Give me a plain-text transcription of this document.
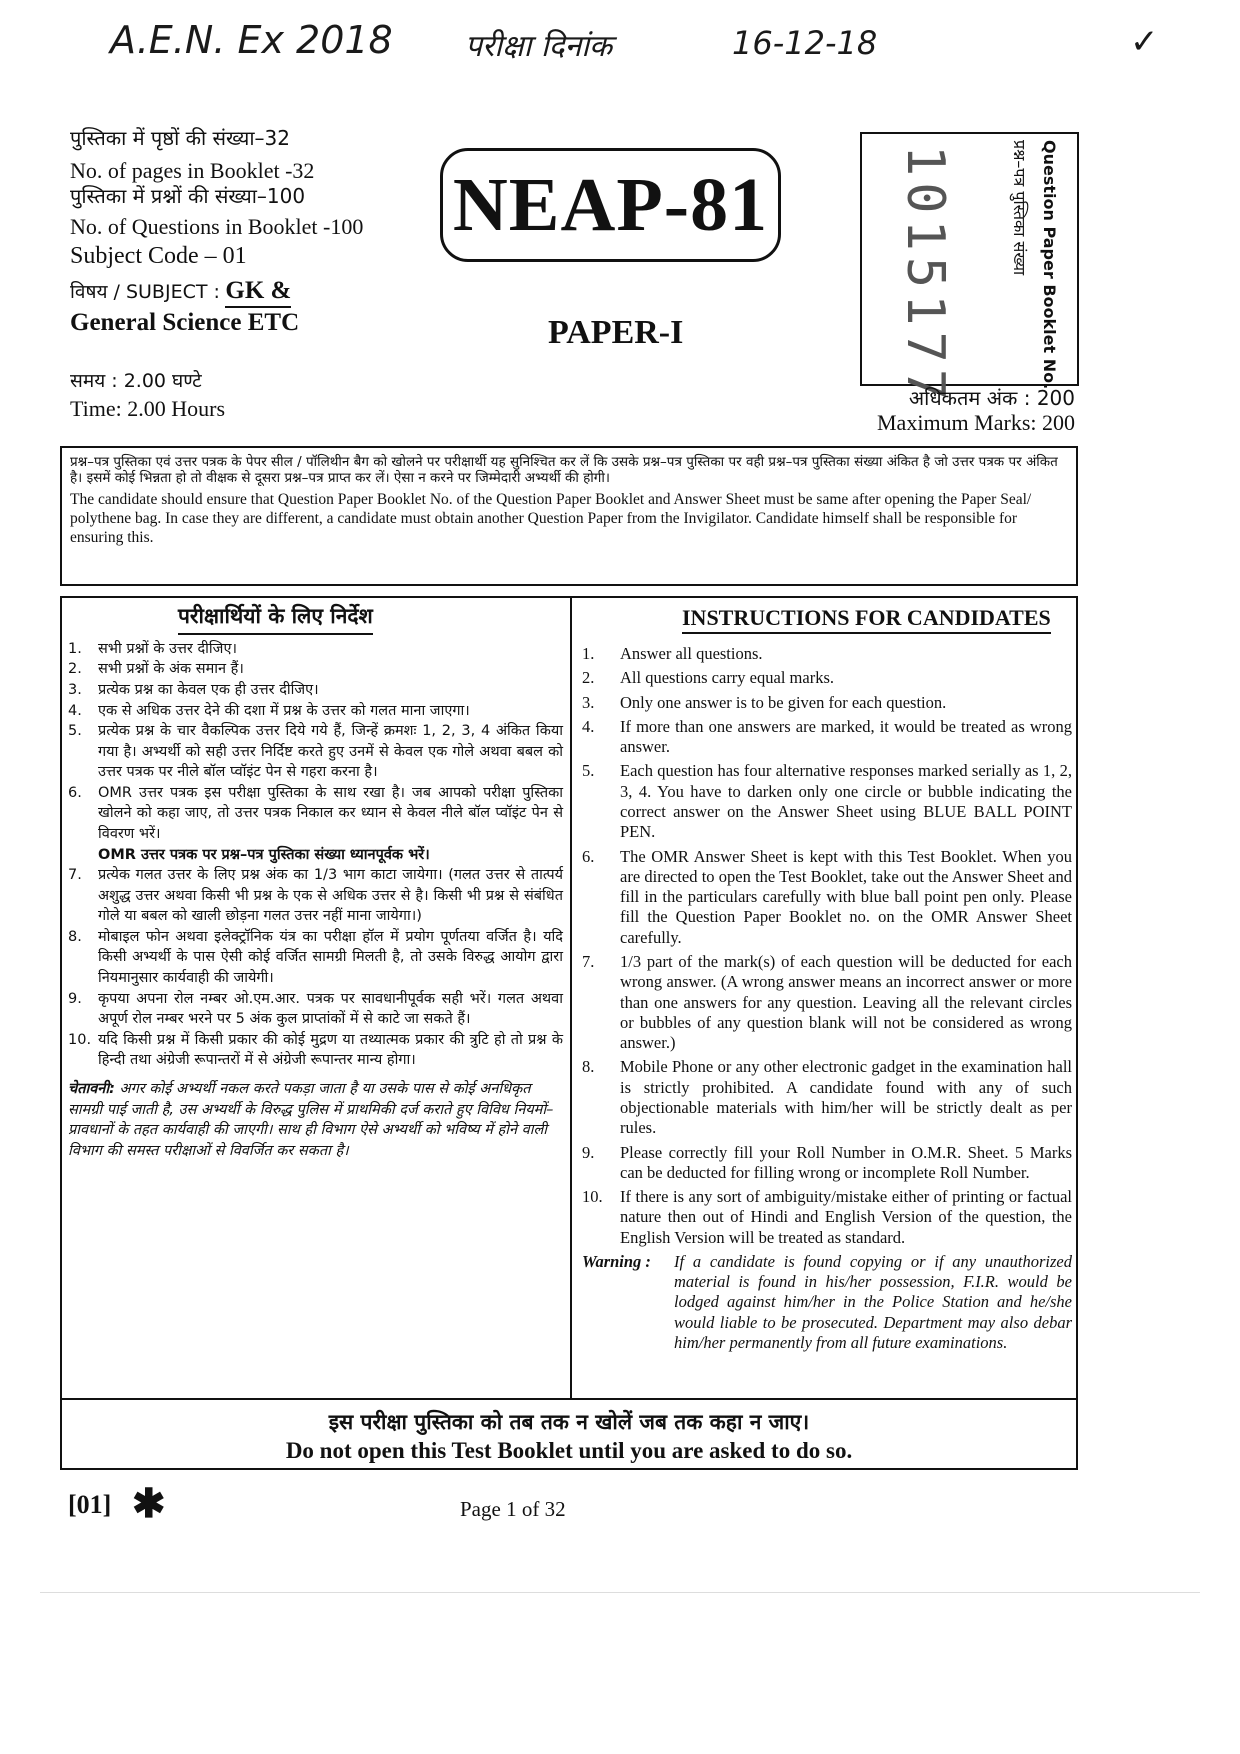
A.E.N. Ex 2018 परीक्षा दिनांक	16-12-18	✓
पुस्तिका में पृष्ठों की संख्या–32
No. of pages in Booklet -32
पुस्तिका में प्रश्नों की संख्या–100
No. of Questions in Booklet -100
Subject Code – 01
विषय / SUBJECT : GK &
General Science ETC
समय : 2.00 घण्टे
Time: 2.00 Hours
NEAP-81
PAPER-I	1015177	प्रश्न–पत्र पुस्तिका संख्या Question Paper Booklet No.
अधिकतम अंक : 200
Maximum Marks: 200

प्रश्न–पत्र पुस्तिका एवं उत्तर पत्रक के पेपर सील / पॉलिथीन बैग को खोलने पर परीक्षार्थी यह सुनिश्चित कर लें कि उसके प्रश्न–पत्र पुस्तिका पर वही प्रश्न–पत्र पुस्तिका संख्या अंकित है जो उत्तर पत्रक पर अंकित है। इसमें कोई भिन्नता हो तो वीक्षक से दूसरा प्रश्न–पत्र प्राप्त कर लें। ऐसा न करने पर जिम्मेदारी अभ्यर्थी की होगी।

The candidate should ensure that Question Paper Booklet No. of the Question Paper Booklet and Answer Sheet must be same after opening the Paper Seal/ polythene bag. In case they are different, a candidate must obtain another Question Paper from the Invigilator. Candidate himself shall be responsible for ensuring this.

परीक्षार्थियों के लिए निर्देश
1.	सभी प्रश्नों के उत्तर दीजिए।
2.	सभी प्रश्नों के अंक समान हैं।
3.	प्रत्येक प्रश्न का केवल एक ही उत्तर दीजिए।
4.	एक से अधिक उत्तर देने की दशा में प्रश्न के उत्तर को गलत माना जाएगा।
5.	प्रत्येक प्रश्न के चार वैकल्पिक उत्तर दिये गये हैं, जिन्हें क्रमशः 1, 2, 3, 4 अंकित किया गया है। अभ्यर्थी को सही उत्तर निर्दिष्ट करते हुए उनमें से केवल एक गोले अथवा बबल को उत्तर पत्रक पर नीले बॉल प्वॉइंट पेन से गहरा करना है।
6.	OMR उत्तर पत्रक इस परीक्षा पुस्तिका के साथ रखा है। जब आपको परीक्षा पुस्तिका खोलने को कहा जाए, तो उत्तर पत्रक निकाल कर ध्यान से केवल नीले बॉल प्वॉइंट पेन से विवरण भरें।
OMR उत्तर पत्रक पर प्रश्न–पत्र पुस्तिका संख्या ध्यानपूर्वक भरें।
7.	प्रत्येक गलत उत्तर के लिए प्रश्न अंक का 1/3 भाग काटा जायेगा। (गलत उत्तर से तात्पर्य अशुद्ध उत्तर अथवा किसी भी प्रश्न के एक से अधिक उत्तर से है। किसी भी प्रश्न से संबंधित गोले या बबल को खाली छोड़ना गलत उत्तर नहीं माना जायेगा।)
8.	मोबाइल फोन अथवा इलेक्ट्रॉनिक यंत्र का परीक्षा हॉल में प्रयोग पूर्णतया वर्जित है। यदि किसी अभ्यर्थी के पास ऐसी कोई वर्जित सामग्री मिलती है, तो उसके विरुद्ध आयोग द्वारा नियमानुसार कार्यवाही की जायेगी।
9.	कृपया अपना रोल नम्बर ओ.एम.आर. पत्रक पर सावधानीपूर्वक सही भरें। गलत अथवा अपूर्ण रोल नम्बर भरने पर 5 अंक कुल प्राप्तांकों में से काटे जा सकते हैं।
10. यदि किसी प्रश्न में किसी प्रकार की कोई मुद्रण या तथ्यात्मक प्रकार की त्रुटि हो तो प्रश्न के हिन्दी तथा अंग्रेजी रूपान्तरों में से अंग्रेजी रूपान्तर मान्य होगा।
चेतावनी: अगर कोई अभ्यर्थी नकल करते पकड़ा जाता है या उसके पास से कोई अनधिकृत सामग्री पाई जाती है, उस अभ्यर्थी के विरुद्ध पुलिस में प्राथमिकी दर्ज कराते हुए विविध नियमों–प्रावधानों के तहत कार्यवाही की जाएगी। साथ ही विभाग ऐसे अभ्यर्थी को भविष्य में होने वाली विभाग की समस्त परीक्षाओं से विवर्जित कर सकता है।
INSTRUCTIONS FOR CANDIDATES
1.	Answer all questions.
2.	All questions carry equal marks.
3.	Only one answer is to be given for each question.
4.	If more than one answers are marked, it would be treated as wrong answer.
5.	Each question has four alternative responses marked serially as 1, 2, 3, 4. You have to darken only one circle or bubble indicating the correct answer on the Answer Sheet using BLUE BALL POINT PEN.
6.	The OMR Answer Sheet is kept with this Test Booklet. When you are directed to open the Test Booklet, take out the Answer Sheet and fill in the particulars carefully with blue ball point pen only. Please fill the Question Paper Booklet no. on the OMR Answer Sheet carefully.
7.	1/3 part of the mark(s) of each question will be deducted for each wrong answer. (A wrong answer means an incorrect answer or more than one answers for any question. Leaving all the relevant circles or bubbles of any question blank will not be considered as wrong answer.)
8.	Mobile Phone or any other electronic gadget in the examination hall is strictly prohibited. A candidate found with any of such objectionable materials with him/her will be strictly dealt as per rules.
9.	Please correctly fill your Roll Number in O.M.R. Sheet. 5 Marks can be deducted for filling wrong or incomplete Roll Number.
10.	If there is any sort of ambiguity/mistake either of printing or factual nature then out of Hindi and English Version of the question, the English Version will be treated as standard.
Warning :	If a candidate is found copying or if any unauthorized material is found in his/her possession, F.I.R. would be lodged against him/her in the Police Station and he/she would liable to be prosecuted. Department may also debar him/her permanently from all future examinations.
इस परीक्षा पुस्तिका को तब तक न खोलें जब तक कहा न जाए।
Do not open this Test Booklet until you are asked to do so.
[01] ✱	Page 1 of 32
